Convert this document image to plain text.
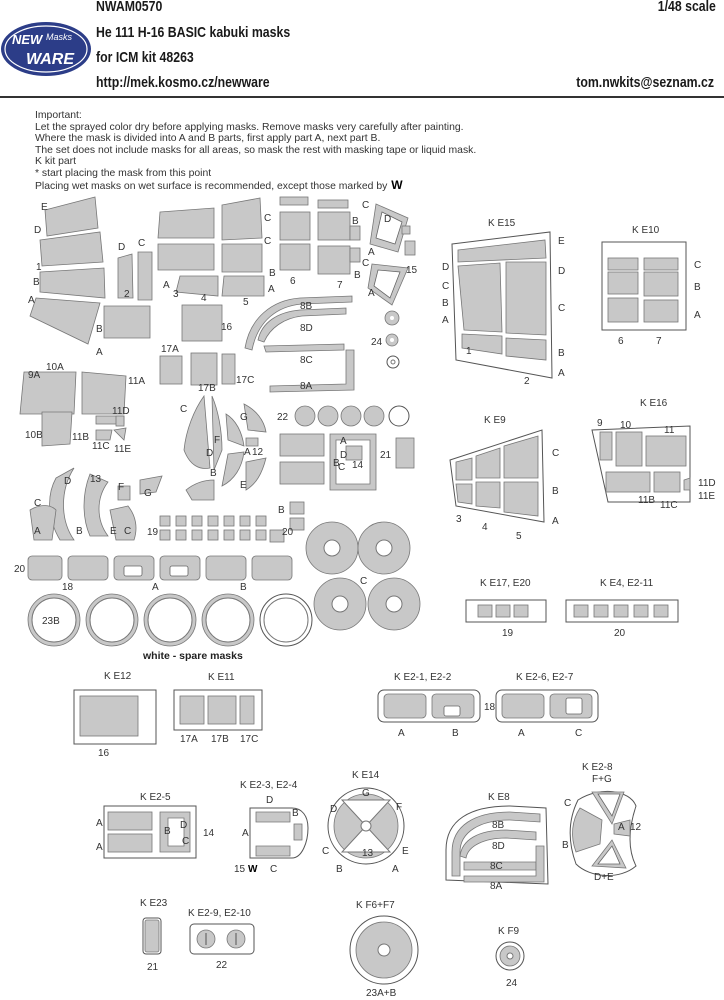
NWAM0570	1/48 scale
He 111 H-16 BASIC kabuki masks
for ICM kit 48263
http://mek.kosmo.cz/newware	tom.nwkits@seznam.cz
NEW Masks
WARE
Important:
Let the sprayed color dry before applying masks. Remove masks very carefully after painting.
Where the mask is divided into A and B parts, first apply part A, next part B.
The set does not include masks for all areas, so mask the rest with masking tape or liquid mask.
K kit part
* start placing the mask from this point
Placing wet masks on wet surface is recommended, except those marked by W
white - spare masks
E
D
1
B
A
B
A
D C
2
C
A
3 4	5
B
A
C
6	7
16
17A
17B
17C
C
B	D
A
C
B
A
15
24
8B
8D
8C
8A
9A
10A
11A
10B	11B
11C
11D
11E
C
G
F
D	A 12
B
E
22
21
D
C
B 14
A
D
C
B
13
F
G
E
A	C
B
19	20
20
18	A	B
C
23B
K E15
E
D	D
C
C
B
B
A
A
1
2
K E10
C
B
A
6	7
K E9
C
B
A
3
4
5
K E16
9 10	11
11D
11E
11B 11C
K E17, E20
19
K E4, E2-11
20
K E12
16
K E11
17A 17B 17C
K E2-1, E2-2
18
A	B
K E2-6, E2-7
A	C
K E2-5
A
A
B
D
C
14
K E2-3, E2-4
D
B
A
15 C
W
K E14
G
D	F
C	13	E
B	A
K E8
8B
8D
8C
8A
K E2-8
F+G
C
A 12
B
D+E
K E23
21
K E2-9, E2-10
22
K F6+F7
23A+B
K F9
24
